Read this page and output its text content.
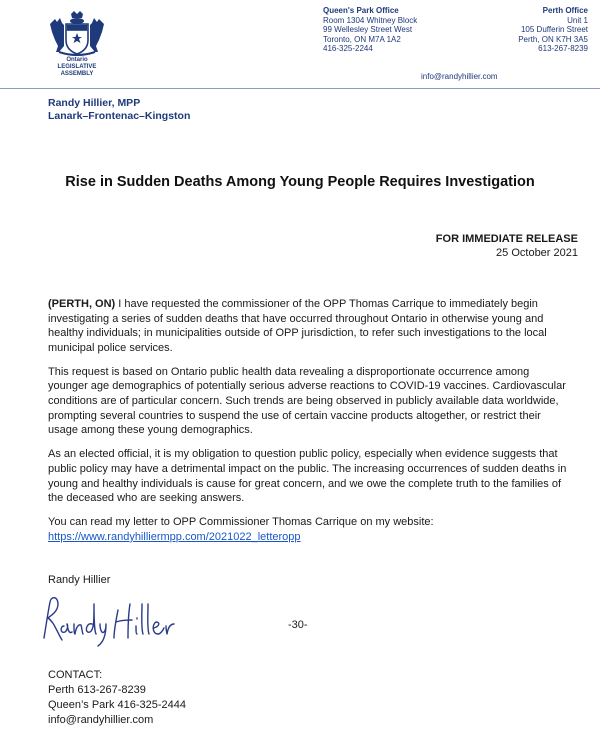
Ontario
LEGISLATIVE
ASSEMBLY
Queen's Park Office
Room 1304 Whitney Block
99 Wellesley Street West
Toronto, ON M7A 1A2
416-325-2244
info@randyhillier.com
Perth Office
Unit 1
105 Dufferin Street
Perth, ON K7H 3A5
613-267-8239
Randy Hillier, MPP
Lanark–Frontenac–Kingston
Rise in Sudden Deaths Among Young People Requires Investigation
FOR IMMEDIATE RELEASE
25 October 2021

(PERTH, ON) I have requested the commissioner of the OPP Thomas Carrique to immediately begin investigating a series of sudden deaths that have occurred throughout Ontario in otherwise young and healthy individuals; in municipalities outside of OPP jurisdiction, to refer such investigations to the local municipal police services.

This request is based on Ontario public health data revealing a disproportionate occurrence among younger age demographics of potentially serious adverse reactions to COVID-19 vaccines. Cardiovascular conditions are of particular concern. Such trends are being observed in publicly available data worldwide, prompting several countries to suspend the use of certain vaccine products altogether, or restrict their usage among these young demographics.

As an elected official, it is my obligation to question public policy, especially when evidence suggests that public policy may have a detrimental impact on the public. The increasing occurrences of sudden deaths in young and healthy individuals is cause for great concern, and we owe the complete truth to the families of the deceased who are seeking answers.

You can read my letter to OPP Commissioner Thomas Carrique on my website:
https://www.randyhilliermpp.com/2021022_letteropp

Randy Hillier
-30-
CONTACT:
Perth 613-267-8239
Queen’s Park 416-325-2444
info@randyhillier.com
